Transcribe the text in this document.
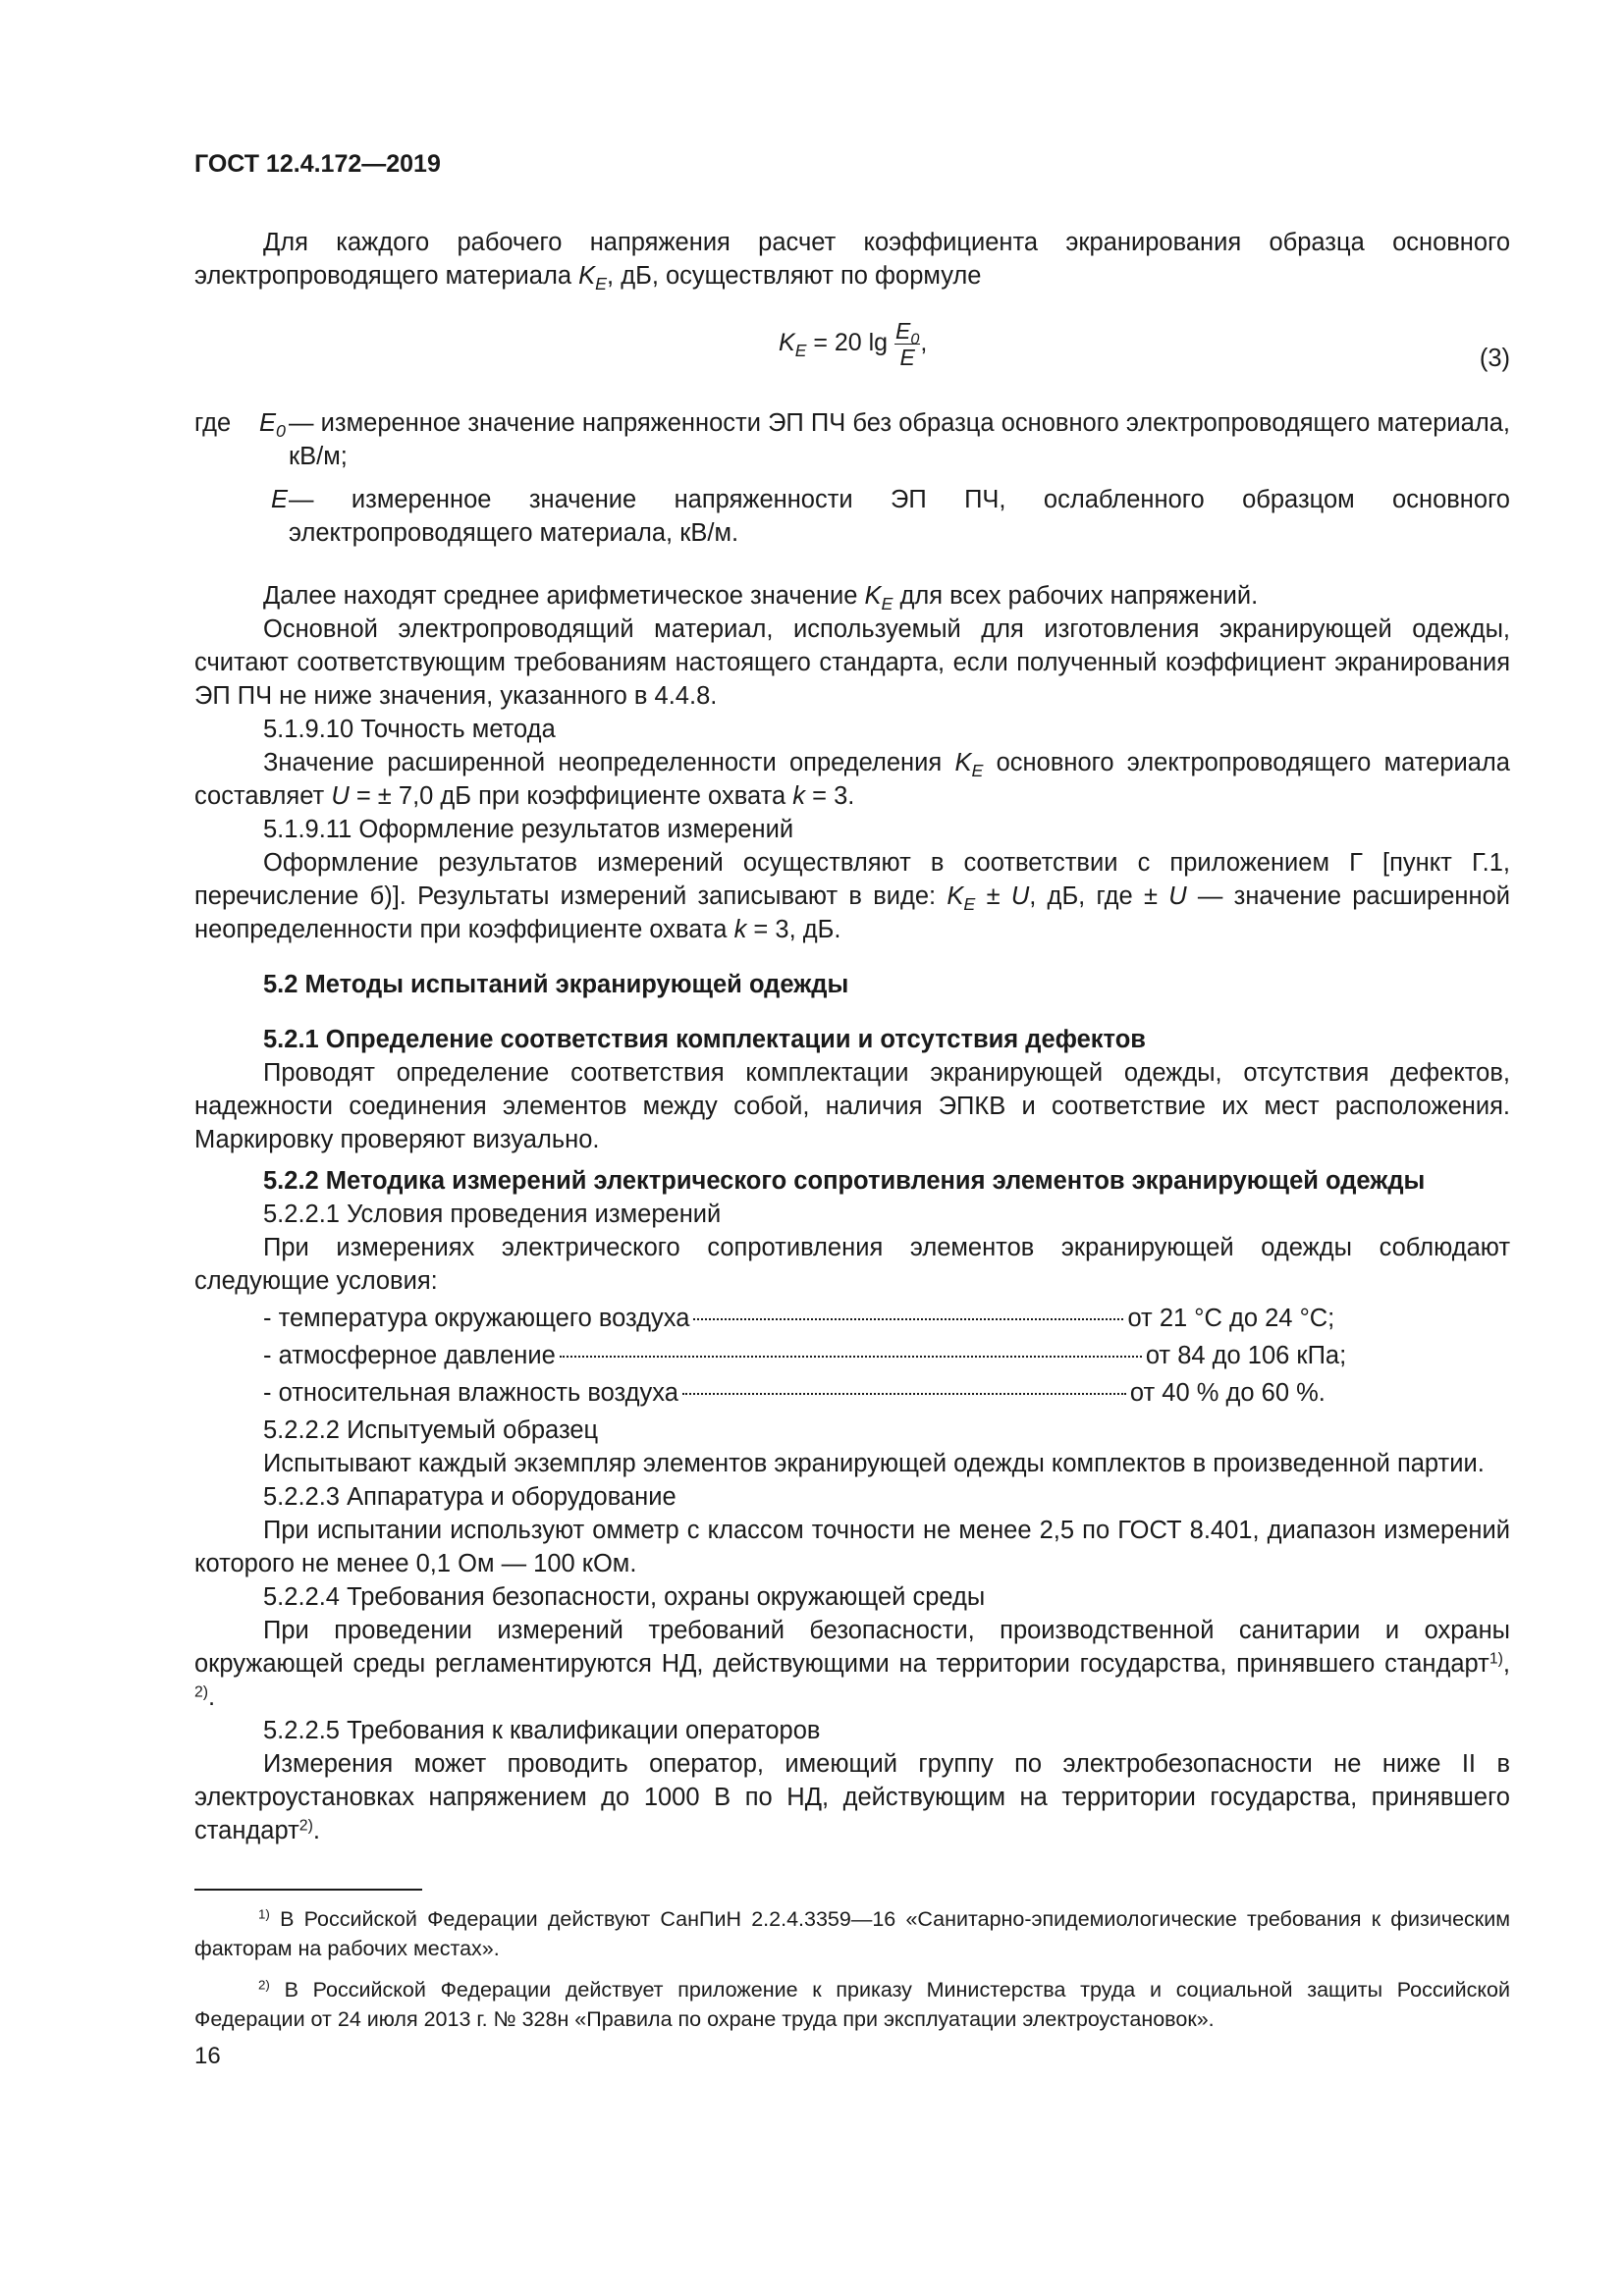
ГОСТ 12.4.172—2019

Для каждого рабочего напряжения расчет коэффициента экранирования образца основного электропроводящего материала $K_E$, дБ, осуществляют по формуле

$K_E = 20$ $\lg \frac{E_0}{E}$ ,
(3)
где $E_0$ — измеренное значение напряженности ЭП ПЧ без образца основного электропроводящего материала, кВ/м;
E — измеренное значение напряженности ЭП ПЧ, ослабленного образцом основного электропроводящего материала, кВ/м.

Далее находят среднее арифметическое значение $K_E$ для всех рабочих напряжений.

Основной электропроводящий материал, используемый для изготовления экранирующей одежды, считают соответствующим требованиям настоящего стандарта, если полученный коэффициент экранирования ЭП ПЧ не ниже значения, указанного в 4.4.8.

5.1.9.10 Точность метода

Значение расширенной неопределенности определения $K_E$ основного электропроводящего материала составляет U = ± 7,0 дБ при коэффициенте охвата k = 3.

5.1.9.11 Оформление результатов измерений

Оформление результатов измерений осуществляют в соответствии с приложением Г [пункт Г.1, перечисление б)]. Результаты измерений записывают в виде: $K_E \pm U$, дБ, где ± U — значение расширенной неопределенности при коэффициенте охвата k = 3, дБ.

5.2 Методы испытаний экранирующей одежды

5.2.1 Определение соответствия комплектации и отсутствия дефектов

Проводят определение соответствия комплектации экранирующей одежды, отсутствия дефектов, надежности соединения элементов между собой, наличия ЭПКВ и соответствие их мест расположения. Маркировку проверяют визуально.

5.2.2 Методика измерений электрического сопротивления элементов экранирующей одежды

5.2.2.1 Условия проведения измерений

При измерениях электрического сопротивления элементов экранирующей одежды соблюдают следующие условия:

- температура окружающего воздуха	от 21 °С до 24 °С;
- атмосферное давление	от 84 до 106 кПа;
- относительная влажность воздуха	от 40 % до 60 %.

5.2.2.2 Испытуемый образец

Испытывают каждый экземпляр элементов экранирующей одежды комплектов в произведенной партии.

5.2.2.3 Аппаратура и оборудование

При испытании используют омметр с классом точности не менее 2,5 по ГОСТ 8.401, диапазон измерений которого не менее 0,1 Ом — 100 кОм.

5.2.2.4 Требования безопасности, охраны окружающей среды

При проведении измерений требований безопасности, производственной санитарии и охраны окружающей среды регламентируются НД, действующими на территории государства, принявшего стандарт$^{1)}$, $^{2)}$.

5.2.2.5 Требования к квалификации операторов

Измерения может проводить оператор, имеющий группу по электробезопасности не ниже II в электроустановках напряжением до 1000 В по НД, действующим на территории государства, принявшего стандарт$^{2)}$.

$^{1)}$ В Российской Федерации действуют СанПиН 2.2.4.3359—16 «Санитарно-эпидемиологические требования к физическим факторам на рабочих местах».

$^{2)}$ В Российской Федерации действует приложение к приказу Министерства труда и социальной защиты Российской Федерации от 24 июля 2013 г. № 328н «Правила по охране труда при эксплуатации электроустановок».

16
